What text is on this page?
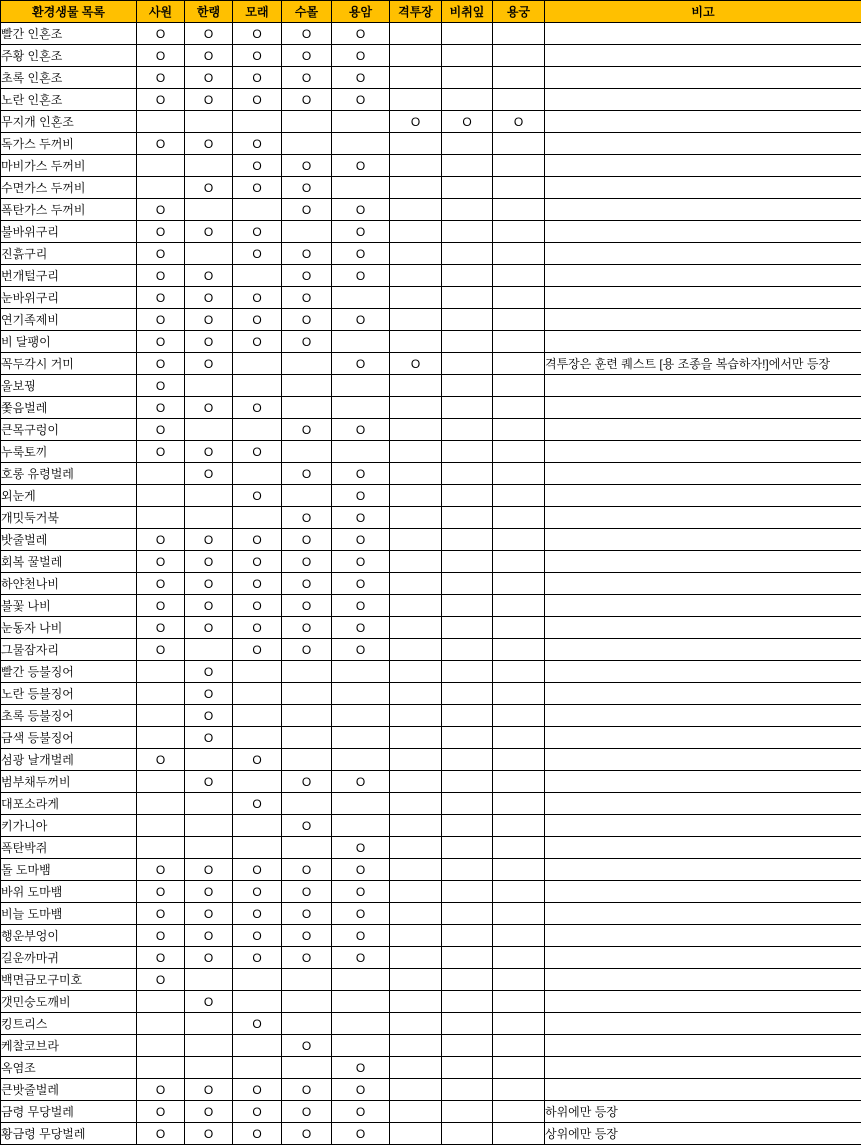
환경생물 목록	사원	한랭	모래	수몰	용암	격투장	비취잎	용궁	비고
빨간 인혼조	O	O	O	O	O				
주황 인혼조	O	O	O	O	O				
초록 인혼조	O	O	O	O	O				
노란 인혼조	O	O	O	O	O				
무지개 인혼조						O	O	O	
독가스 두꺼비	O	O	O						
마비가스 두꺼비			O	O	O				
수면가스 두꺼비		O	O	O					
폭탄가스 두꺼비	O			O	O				
불바위구리	O	O	O		O				
진흙구리	O		O	O	O				
번개털구리	O	O		O	O				
눈바위구리	O	O	O	O					
연기족제비	O	O	O	O	O				
비 달팽이	O	O	O	O					
꼭두각시 거미	O	O			O	O			격투장은 훈련 퀘스트 [용 조종을 복습하자!]에서만 등장
울보꿩	O								
쫓음벌레	O	O	O						
큰목구렁이	O			O	O				
누룩토끼	O	O	O						
호롱 유령벌레		O		O	O				
외눈게			O		O				
개밋둑거북				O	O				
밧줄벌레	O	O	O	O	O				
회복 꿀벌레	O	O	O	O	O				
하얀천나비	O	O	O	O	O				
불꽃 나비	O	O	O	O	O				
눈동자 나비	O	O	O	O	O				
그물잠자리	O		O	O	O				
빨간 등불징어		O							
노란 등불징어		O							
초록 등불징어		O							
금색 등불징어		O							
섬광 날개벌레	O		O						
범부채두꺼비		O		O	O				
대포소라게			O						
키가니아				O					
폭탄박쥐					O				
돌 도마뱀	O	O	O	O	O				
바위 도마뱀	O	O	O	O	O				
비늘 도마뱀	O	O	O	O	O				
행운부엉이	O	O	O	O	O				
길운까마귀	O	O	O	O	O				
백면금모구미호	O								
갯민숭도깨비		O							
킹트리스			O						
케찰코브라				O					
옥염조					O				
큰밧줄벌레	O	O	O	O	O				
금령 무당벌레	O	O	O	O	O				하위에만 등장
황금령 무당벌레	O	O	O	O	O				상위에만 등장
